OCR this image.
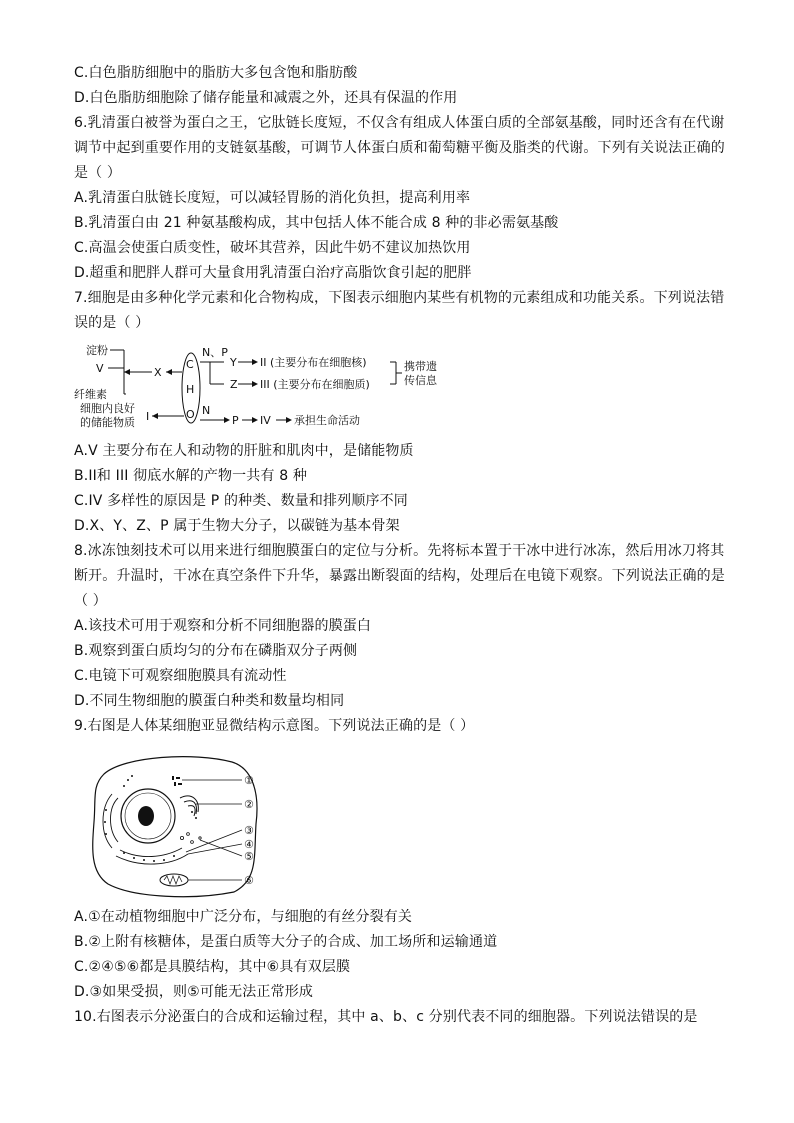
C.白色脂肪细胞中的脂肪大多包含饱和脂肪酸

D.白色脂肪细胞除了储存能量和减震之外，还具有保温的作用

6.乳清蛋白被誉为蛋白之王，它肽链长度短，不仅含有组成人体蛋白质的全部氨基酸，同时还含有在代谢

调节中起到重要作用的支链氨基酸，可调节人体蛋白质和葡萄糖平衡及脂类的代谢。下列有关说法正确的

是（ ）

A.乳清蛋白肽链长度短，可以减轻胃肠的消化负担，提高利用率

B.乳清蛋白由 21 种氨基酸构成，其中包括人体不能合成 8 种的非必需氨基酸

C.高温会使蛋白质变性，破坏其营养，因此牛奶不建议加热饮用

D.超重和肥胖人群可大量食用乳清蛋白治疗高脂饮食引起的肥胖

7.细胞是由多种化学元素和化合物构成，下图表示细胞内某些有机物的元素组成和功能关系。下列说法错

误的是（ ）

淀粉
V
纤维素
X
细胞内良好
的储能物质 I
C
H
O
N、P
Y II (主要分布在细胞核)
Z III (主要分布在细胞质)
携带遗
传信息
N
P IV 承担生命活动

A.V 主要分布在人和动物的肝脏和肌肉中，是储能物质

B.II和 III 彻底水解的产物一共有 8 种

C.IV 多样性的原因是 P 的种类、数量和排列顺序不同

D.X、Y、Z、P 属于生物大分子，以碳链为基本骨架

8.冰冻蚀刻技术可以用来进行细胞膜蛋白的定位与分析。先将标本置于干冰中进行冰冻，然后用冰刀将其

断开。升温时，干冰在真空条件下升华，暴露出断裂面的结构，处理后在电镜下观察。下列说法正确的是

（ ）

A.该技术可用于观察和分析不同细胞器的膜蛋白

B.观察到蛋白质均匀的分布在磷脂双分子两侧

C.电镜下可观察细胞膜具有流动性

D.不同生物细胞的膜蛋白种类和数量均相同

9.右图是人体某细胞亚显微结构示意图。下列说法正确的是（ ）

①
②
③
④
⑤
⑥

A.①在动植物细胞中广泛分布，与细胞的有丝分裂有关

B.②上附有核糖体，是蛋白质等大分子的合成、加工场所和运输通道

C.②④⑤⑥都是具膜结构，其中⑥具有双层膜

D.③如果受损，则⑤可能无法正常形成

10.右图表示分泌蛋白的合成和运输过程，其中 a、b、c 分别代表不同的细胞器。下列说法错误的是
